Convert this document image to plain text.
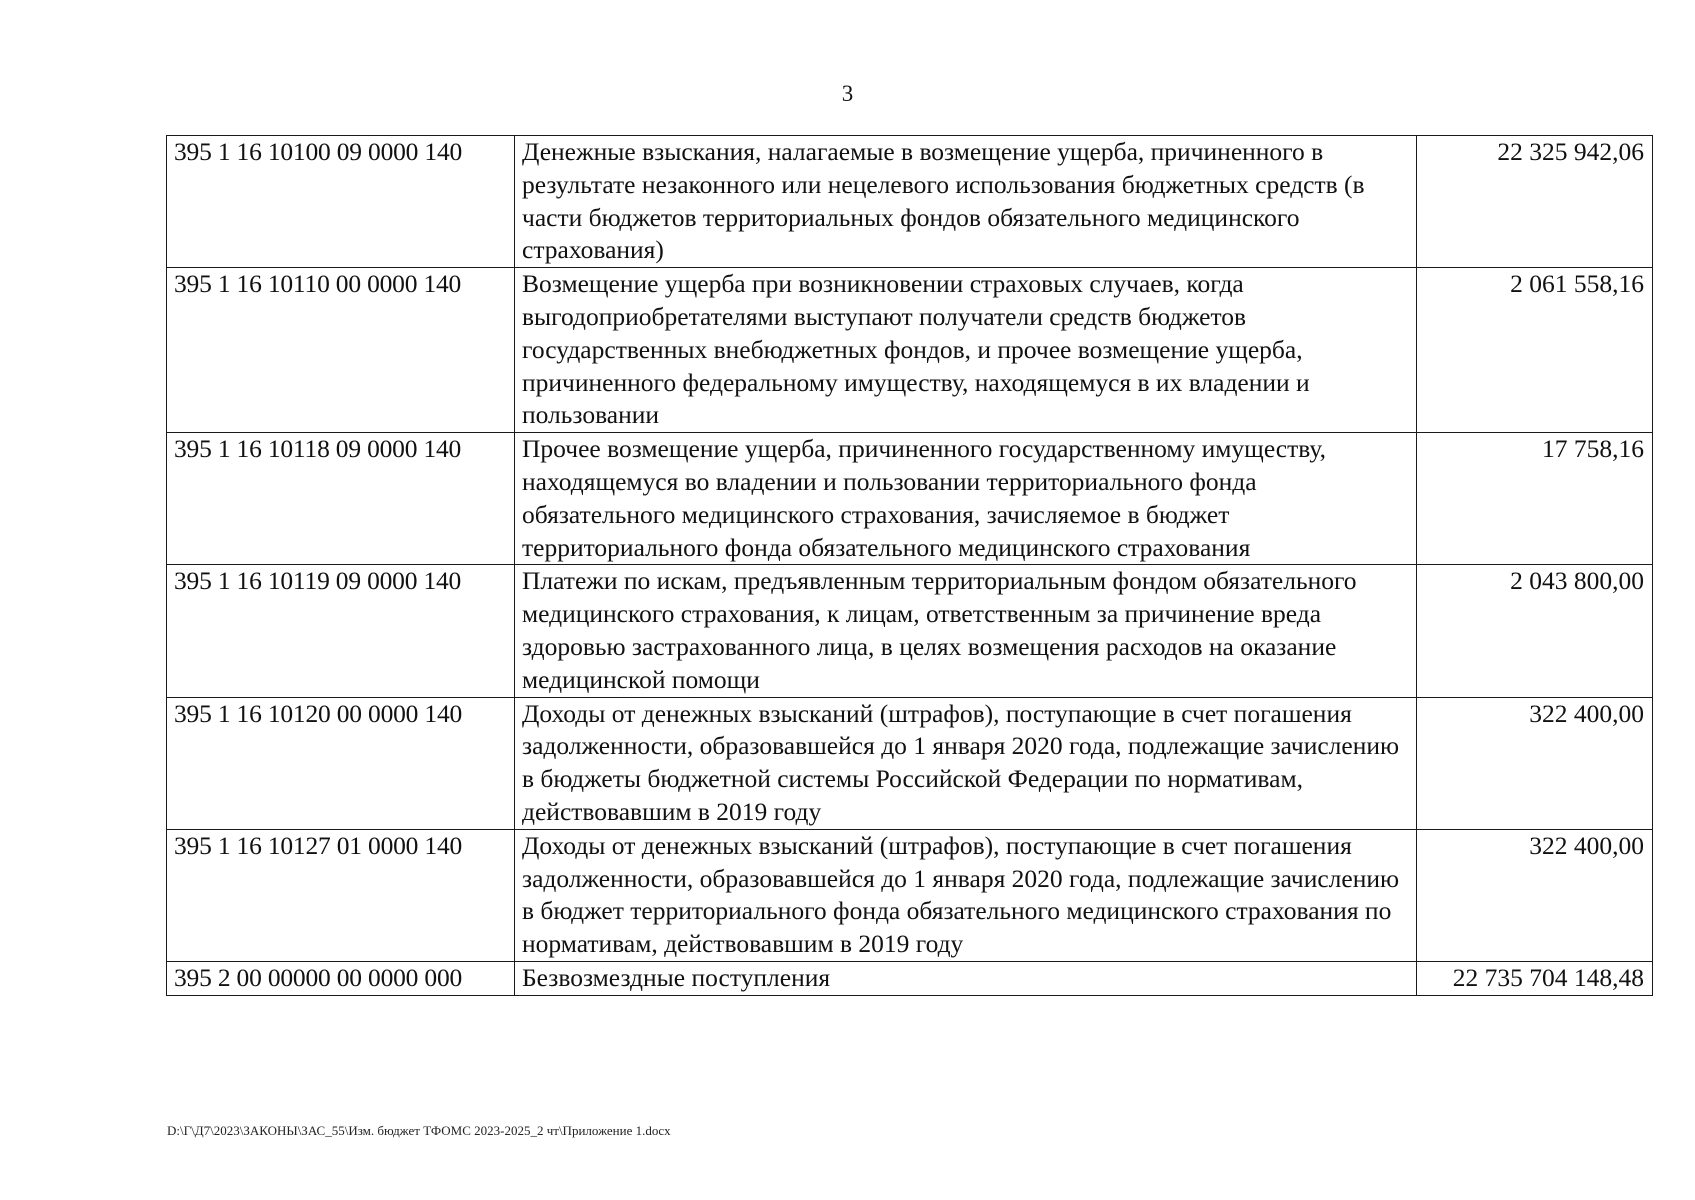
3
395 1 16 10100 09 0000 140	Денежные взыскания, налагаемые в возмещение ущерба, причиненного в результате незаконного или нецелевого использования бюджетных средств (в части бюджетов территориальных фондов обязательного медицинского страхования)	22 325 942,06
395 1 16 10110 00 0000 140	Возмещение ущерба при возникновении страховых случаев, когда выгодоприобретателями выступают получатели средств бюджетов государственных внебюджетных фондов, и прочее возмещение ущерба, причиненного федеральному имуществу, находящемуся в их владении и пользовании	2 061 558,16
395 1 16 10118 09 0000 140	Прочее возмещение ущерба, причиненного государственному имуществу, находящемуся во владении и пользовании территориального фонда обязательного медицинского страхования, зачисляемое в бюджет территориального фонда обязательного медицинского страхования	17 758,16
395 1 16 10119 09 0000 140	Платежи по искам, предъявленным территориальным фондом обязательного медицинского страхования, к лицам, ответственным за причинение вреда здоровью застрахованного лица, в целях возмещения расходов на оказание медицинской помощи	2 043 800,00
395 1 16 10120 00 0000 140	Доходы от денежных взысканий (штрафов), поступающие в счет погашения задолженности, образовавшейся до 1 января 2020 года, подлежащие зачислению в бюджеты бюджетной системы Российской Федерации по нормативам, действовавшим в 2019 году	322 400,00
395 1 16 10127 01 0000 140	Доходы от денежных взысканий (штрафов), поступающие в счет погашения задолженности, образовавшейся до 1 января 2020 года, подлежащие зачислению в бюджет территориального фонда обязательного медицинского страхования по нормативам, действовавшим в 2019 году	322 400,00
395 2 00 00000 00 0000 000	Безвозмездные поступления	22 735 704 148,48
D:\Г\Д7\2023\ЗАКОНЫ\ЗАС_55\Изм. бюджет ТФОМС 2023-2025_2 чт\Приложение 1.docx
